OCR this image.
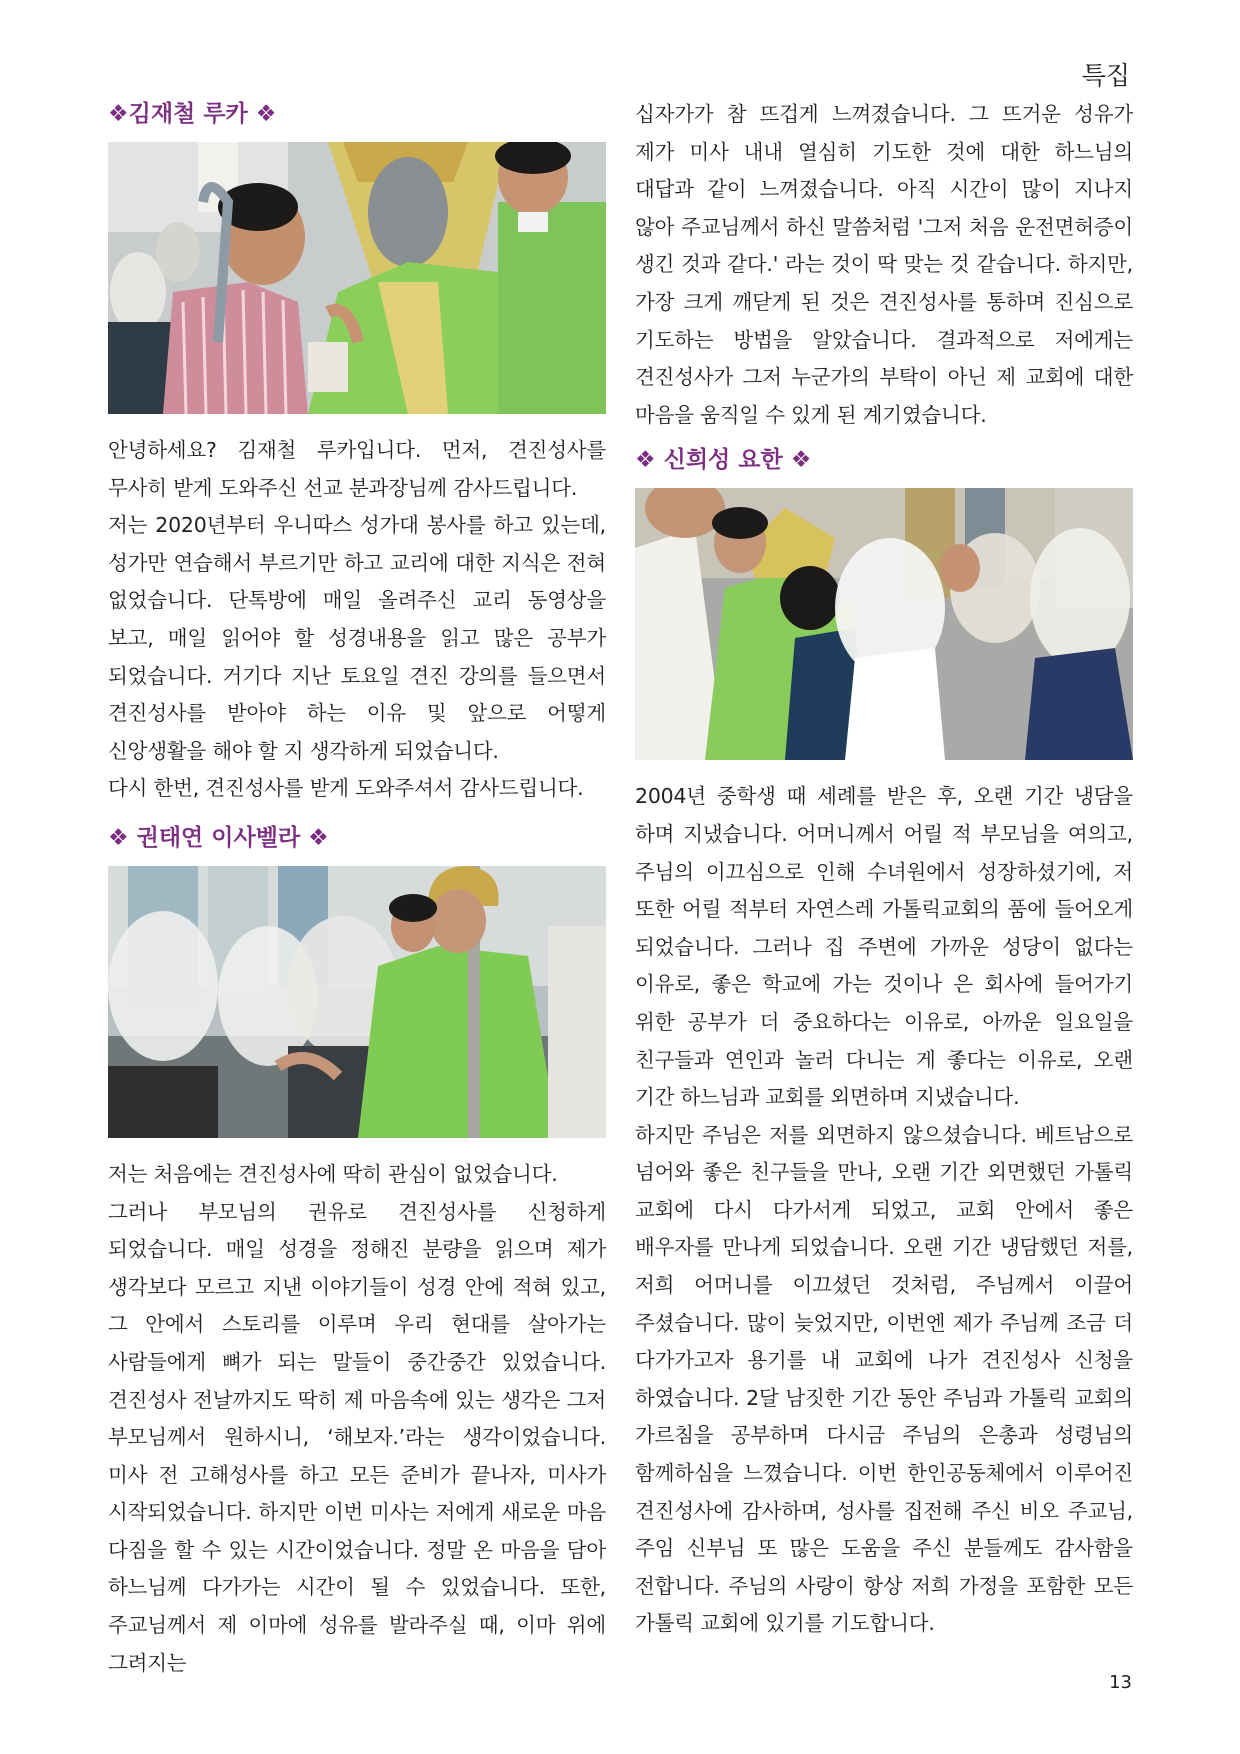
특집
❖김재철 루카 ❖

안녕하세요? 김재철 루카입니다. 먼저, 견진성사를 무사히 받게 도와주신 선교 분과장님께 감사드립니다.

저는 2020년부터 우니따스 성가대 봉사를 하고 있는데, 성가만 연습해서 부르기만 하고 교리에 대한 지식은 전혀 없었습니다. 단톡방에 매일 올려주신 교리 동영상을 보고, 매일 읽어야 할 성경내용을 읽고 많은 공부가 되었습니다. 거기다 지난 토요일 견진 강의를 들으면서 견진성사를 받아야 하는 이유 및 앞으로 어떻게 신앙생활을 해야 할 지 생각하게 되었습니다.

다시 한번, 견진성사를 받게 도와주셔서 감사드립니다.

❖ 권태연 이사벨라 ❖

저는 처음에는 견진성사에 딱히 관심이 없었습니다.

그러나 부모님의 권유로 견진성사를 신청하게 되었습니다. 매일 성경을 정해진 분량을 읽으며 제가 생각보다 모르고 지낸 이야기들이 성경 안에 적혀 있고, 그 안에서 스토리를 이루며 우리 현대를 살아가는 사람들에게 뼈가 되는 말들이 중간중간 있었습니다. 견진성사 전날까지도 딱히 제 마음속에 있는 생각은 그저 부모님께서 원하시니, ‘해보자.’라는 생각이었습니다. 미사 전 고해성사를 하고 모든 준비가 끝나자, 미사가 시작되었습니다. 하지만 이번 미사는 저에게 새로운 마음 다짐을 할 수 있는 시간이었습니다. 정말 온 마음을 담아 하느님께 다가가는 시간이 될 수 있었습니다. 또한, 주교님께서 제 이마에 성유를 발라주실 때, 이마 위에 그려지는

십자가가 참 뜨겁게 느껴졌습니다. 그 뜨거운 성유가 제가 미사 내내 열심히 기도한 것에 대한 하느님의 대답과 같이 느껴졌습니다. 아직 시간이 많이 지나지 않아 주교님께서 하신 말씀처럼 '그저 처음 운전면허증이 생긴 것과 같다.' 라는 것이 딱 맞는 것 같습니다. 하지만, 가장 크게 깨닫게 된 것은 견진성사를 통하며 진심으로 기도하는 방법을 알았습니다. 결과적으로 저에게는 견진성사가 그저 누군가의 부탁이 아닌 제 교회에 대한 마음을 움직일 수 있게 된 계기였습니다.

❖ 신희성 요한 ❖

2004년 중학생 때 세례를 받은 후, 오랜 기간 냉담을 하며 지냈습니다. 어머니께서 어릴 적 부모님을 여의고, 주님의 이끄심으로 인해 수녀원에서 성장하셨기에, 저 또한 어릴 적부터 자연스레 가톨릭교회의 품에 들어오게 되었습니다. 그러나 집 주변에 가까운 성당이 없다는 이유로, 좋은 학교에 가는 것이나 은 회사에 들어가기 위한 공부가 더 중요하다는 이유로, 아까운 일요일을 친구들과 연인과 놀러 다니는 게 좋다는 이유로, 오랜 기간 하느님과 교회를 외면하며 지냈습니다.

하지만 주님은 저를 외면하지 않으셨습니다. 베트남으로 넘어와 좋은 친구들을 만나, 오랜 기간 외면했던 가톨릭 교회에 다시 다가서게 되었고, 교회 안에서 좋은 배우자를 만나게 되었습니다. 오랜 기간 냉담했던 저를, 저희 어머니를 이끄셨던 것처럼, 주님께서 이끌어 주셨습니다. 많이 늦었지만, 이번엔 제가 주님께 조금 더 다가가고자 용기를 내 교회에 나가 견진성사 신청을 하였습니다. 2달 남짓한 기간 동안 주님과 가톨릭 교회의 가르침을 공부하며 다시금 주님의 은총과 성령님의 함께하심을 느꼈습니다. 이번 한인공동체에서 이루어진 견진성사에 감사하며, 성사를 집전해 주신 비오 주교님, 주임 신부님 또 많은 도움을 주신 분들께도 감사함을 전합니다. 주님의 사랑이 항상 저희 가정을 포함한 모든 가톨릭 교회에 있기를 기도합니다.

13
